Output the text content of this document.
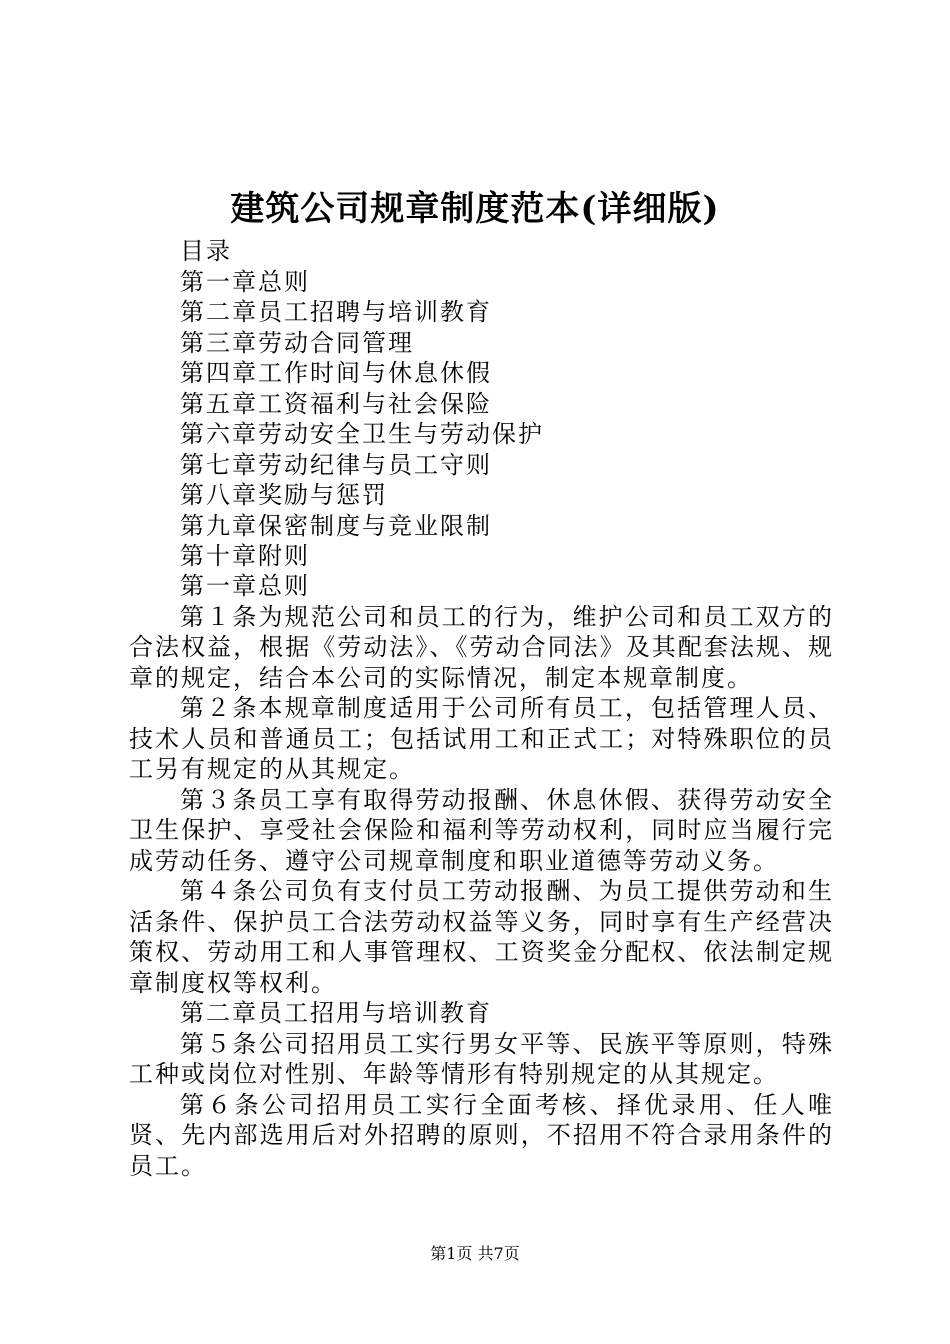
建筑公司规章制度范本(详细版)
目录
第一章总则
第二章员工招聘与培训教育
第三章劳动合同管理
第四章工作时间与休息休假
第五章工资福利与社会保险
第六章劳动安全卫生与劳动保护
第七章劳动纪律与员工守则
第八章奖励与惩罚
第九章保密制度与竞业限制
第十章附则
第一章总则

第１条为规范公司和员工的行为，维护公司和员工双方的合法权益，根据《劳动法》、《劳动合同法》及其配套法规、规章的规定，结合本公司的实际情况，制定本规章制度。

第２条本规章制度适用于公司所有员工，包括管理人员、技术人员和普通员工；包括试用工和正式工；对特殊职位的员工另有规定的从其规定。

第３条员工享有取得劳动报酬、休息休假、获得劳动安全卫生保护、享受社会保险和福利等劳动权利，同时应当履行完成劳动任务、遵守公司规章制度和职业道德等劳动义务。

第４条公司负有支付员工劳动报酬、为员工提供劳动和生活条件、保护员工合法劳动权益等义务，同时享有生产经营决策权、劳动用工和人事管理权、工资奖金分配权、依法制定规章制度权等权利。

第二章员工招用与培训教育

第５条公司招用员工实行男女平等、民族平等原则，特殊工种或岗位对性别、年龄等情形有特别规定的从其规定。

第６条公司招用员工实行全面考核、择优录用、任人唯贤、先内部选用后对外招聘的原则，不招用不符合录用条件的员工。

第1页 共7页
